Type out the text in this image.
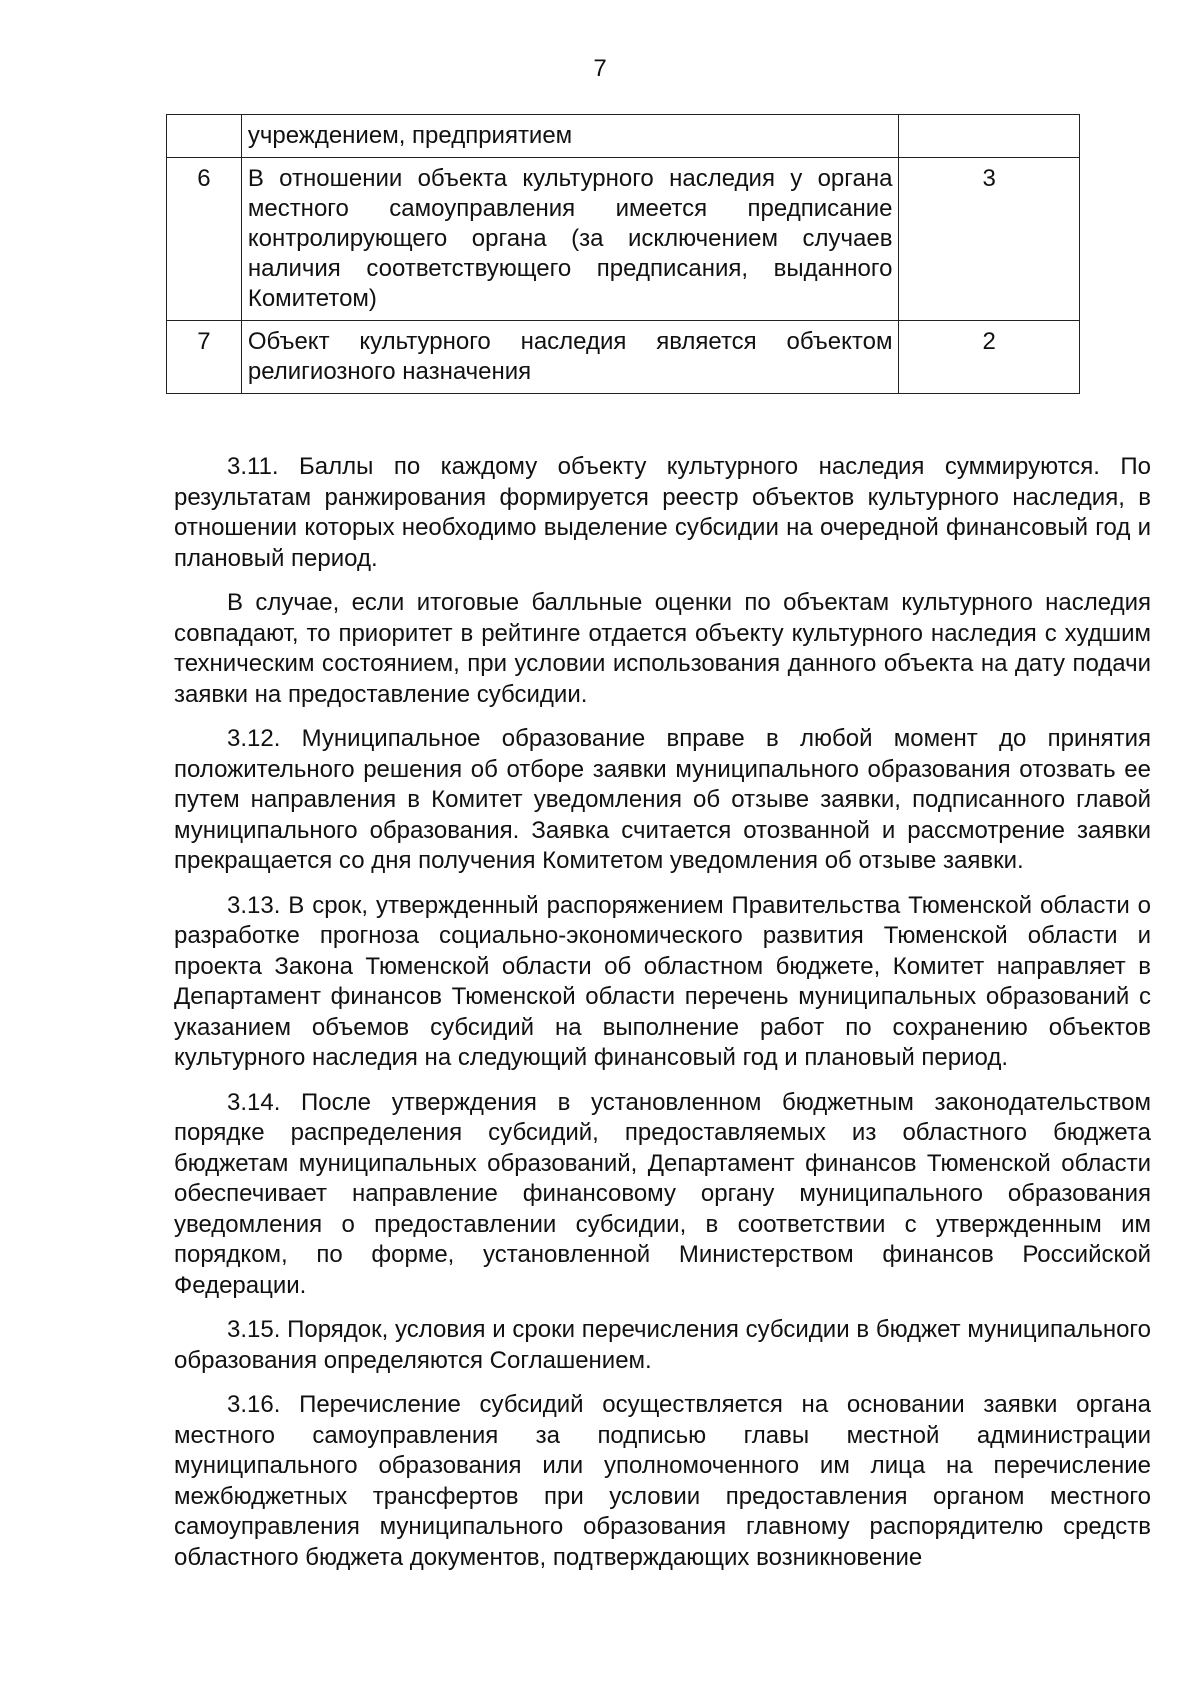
7
	учреждением, предприятием	
6	В отношении объекта культурного наследия у органа местного самоуправления имеется предписание контролирующего органа (за исключением случаев наличия соответствующего предписания, выданного Комитетом)	3
7	Объект культурного наследия является объектом религиозного назначения	2

3.11. Баллы по каждому объекту культурного наследия суммируются. По результатам ранжирования формируется реестр объектов культурного наследия, в отношении которых необходимо выделение субсидии на очередной финансовый год и плановый период.

В случае, если итоговые балльные оценки по объектам культурного наследия совпадают, то приоритет в рейтинге отдается объекту культурного наследия с худшим техническим состоянием, при условии использования данного объекта на дату подачи заявки на предоставление субсидии.

3.12. Муниципальное образование вправе в любой момент до принятия положительного решения об отборе заявки муниципального образования отозвать ее путем направления в Комитет уведомления об отзыве заявки, подписанного главой муниципального образования. Заявка считается отозванной и рассмотрение заявки прекращается со дня получения Комитетом уведомления об отзыве заявки.

3.13. В срок, утвержденный распоряжением Правительства Тюменской области о разработке прогноза социально-экономического развития Тюменской области и проекта Закона Тюменской области об областном бюджете, Комитет направляет в Департамент финансов Тюменской области перечень муниципальных образований с указанием объемов субсидий на выполнение работ по сохранению объектов культурного наследия на следующий финансовый год и плановый период.

3.14. После утверждения в установленном бюджетным законодательством порядке распределения субсидий, предоставляемых из областного бюджета бюджетам муниципальных образований, Департамент финансов Тюменской области обеспечивает направление финансовому органу муниципального образования уведомления о предоставлении субсидии, в соответствии с утвержденным им порядком, по форме, установленной Министерством финансов Российской Федерации.

3.15. Порядок, условия и сроки перечисления субсидии в бюджет муниципального образования определяются Соглашением.

3.16. Перечисление субсидий осуществляется на основании заявки органа местного самоуправления за подписью главы местной администрации муниципального образования или уполномоченного им лица на перечисление межбюджетных трансфертов при условии предоставления органом местного самоуправления муниципального образования главному распорядителю средств областного бюджета документов, подтверждающих возникновение
